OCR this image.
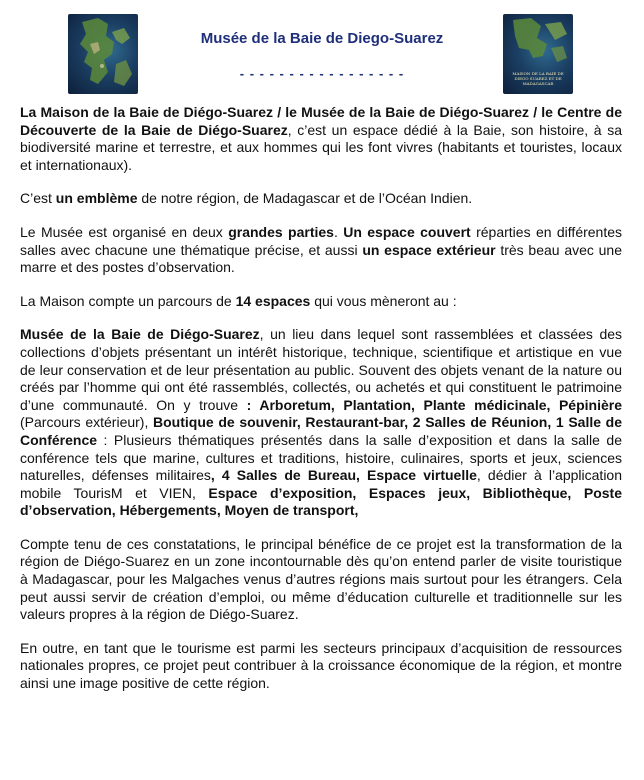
Musée de la Baie de Diego-Suarez
- - - - - - - - - - - - - - - - -	MAISON DE LA BAIE DE DIEGO SUAREZ ET DE MADAGASCAR

La Maison de la Baie de Diégo-Suarez / le Musée de la Baie de Diégo-Suarez / le Centre de Découverte de la Baie de Diégo-Suarez, c’est un espace dédié à la Baie, son histoire, à sa biodiversité marine et terrestre, et aux hommes qui les font vivres (habitants et touristes, locaux et internationaux).

C’est un emblème de notre région, de Madagascar et de l’Océan Indien.

Le Musée est organisé en deux grandes parties. Un espace couvert réparties en différentes salles avec chacune une thématique précise, et aussi un espace extérieur très beau avec une marre et des postes d’observation.

La Maison compte un parcours de 14 espaces qui vous mèneront au :

Musée de la Baie de Diégo-Suarez, un lieu dans lequel sont rassemblées et classées des collections d’objets présentant un intérêt historique, technique, scientifique et artistique en vue de leur conservation et de leur présentation au public. Souvent des objets venant de la nature ou créés par l’homme qui ont été rassemblés, collectés, ou achetés et qui constituent le patrimoine d’une communauté. On y trouve : Arboretum, Plantation, Plante médicinale, Pépinière (Parcours extérieur), Boutique de souvenir, Restaurant-bar, 2 Salles de Réunion, 1 Salle de Conférence : Plusieurs thématiques présentés dans la salle d’exposition et dans la salle de conférence tels que marine, cultures et traditions, histoire, culinaires, sports et jeux, sciences naturelles, défenses militaires, 4 Salles de Bureau, Espace virtuelle, dédier à l’application mobile TourisM et VIEN, Espace d’exposition, Espaces jeux, Bibliothèque, Poste d’observation, Hébergements, Moyen de transport,

Compte tenu de ces constatations, le principal bénéfice de ce projet est la transformation de la région de Diégo-Suarez en un zone incontournable dès qu’on entend parler de visite touristique à Madagascar, pour les Malgaches venus d’autres régions mais surtout pour les étrangers. Cela peut aussi servir de création d’emploi, ou même d’éducation culturelle et traditionnelle sur les valeurs propres à la région de Diégo-Suarez.

En outre, en tant que le tourisme est parmi les secteurs principaux d’acquisition de ressources nationales propres, ce projet peut contribuer à la croissance économique de la région, et montre ainsi une image positive de cette région.
